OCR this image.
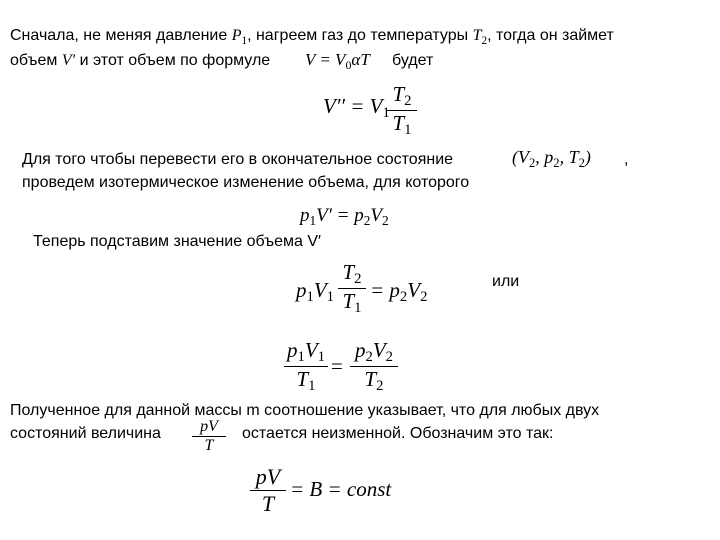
Сначала, не меняя давление $P_1$, нагреем газ до температуры $T_2$, тогда он займет
объем V′ и этот объем по формуле $V = V_0\alpha T$ будет
$V'' = V_1$
$\frac{T_2}{T_1}$
Для того чтобы перевести его в окончательное состояние	($V_2$, $p_2$, $T_2$) ,
проведем изотермическое изменение объема, для которого
$p_1V' = p_2V_2$
Теперь подставим значение объема V′
$p_1V_1 \frac{T_2}{T_1} = p_2V_2$
или
$\frac{p_1V_1}{T_1} = \frac{p_2V_2}{T_2}$
Полученное для данной массы m соотношение указывает, что для любых двух
состояний величина $\frac{pV}{T}$ остается неизменной. Обозначим это так:
$\frac{pV}{T} = B$ = const
